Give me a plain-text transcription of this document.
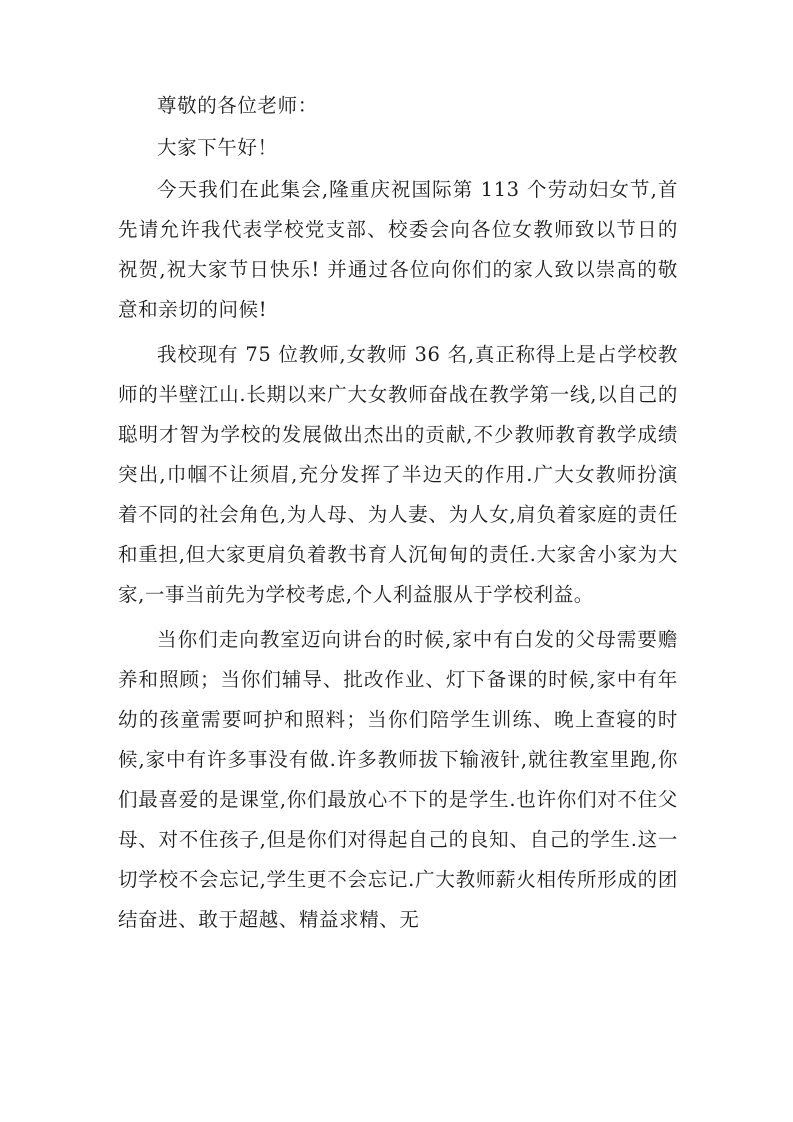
尊敬的各位老师：

大家下午好！

今天我们在此集会,隆重庆祝国际第 113 个劳动妇女节,首先请允许我代表学校党支部、校委会向各位女教师致以节日的祝贺,祝大家节日快乐! 并通过各位向你们的家人致以崇高的敬意和亲切的问候!

我校现有 75 位教师,女教师 36 名,真正称得上是占学校教师的半壁江山.长期以来广大女教师奋战在教学第一线,以自己的聪明才智为学校的发展做出杰出的贡献,不少教师教育教学成绩突出,巾帼不让须眉,充分发挥了半边天的作用.广大女教师扮演着不同的社会角色,为人母、为人妻、为人女,肩负着家庭的责任和重担,但大家更肩负着教书育人沉甸甸的责任.大家舍小家为大家,一事当前先为学校考虑,个人利益服从于学校利益。

当你们走向教室迈向讲台的时候,家中有白发的父母需要赡养和照顾；当你们辅导、批改作业、灯下备课的时候,家中有年幼的孩童需要呵护和照料；当你们陪学生训练、晚上查寝的时候,家中有许多事没有做.许多教师拔下输液针,就往教室里跑,你们最喜爱的是课堂,你们最放心不下的是学生.也许你们对不住父母、对不住孩子,但是你们对得起自己的良知、自己的学生.这一切学校不会忘记,学生更不会忘记.广大教师薪火相传所形成的团结奋进、敢于超越、精益求精、无
